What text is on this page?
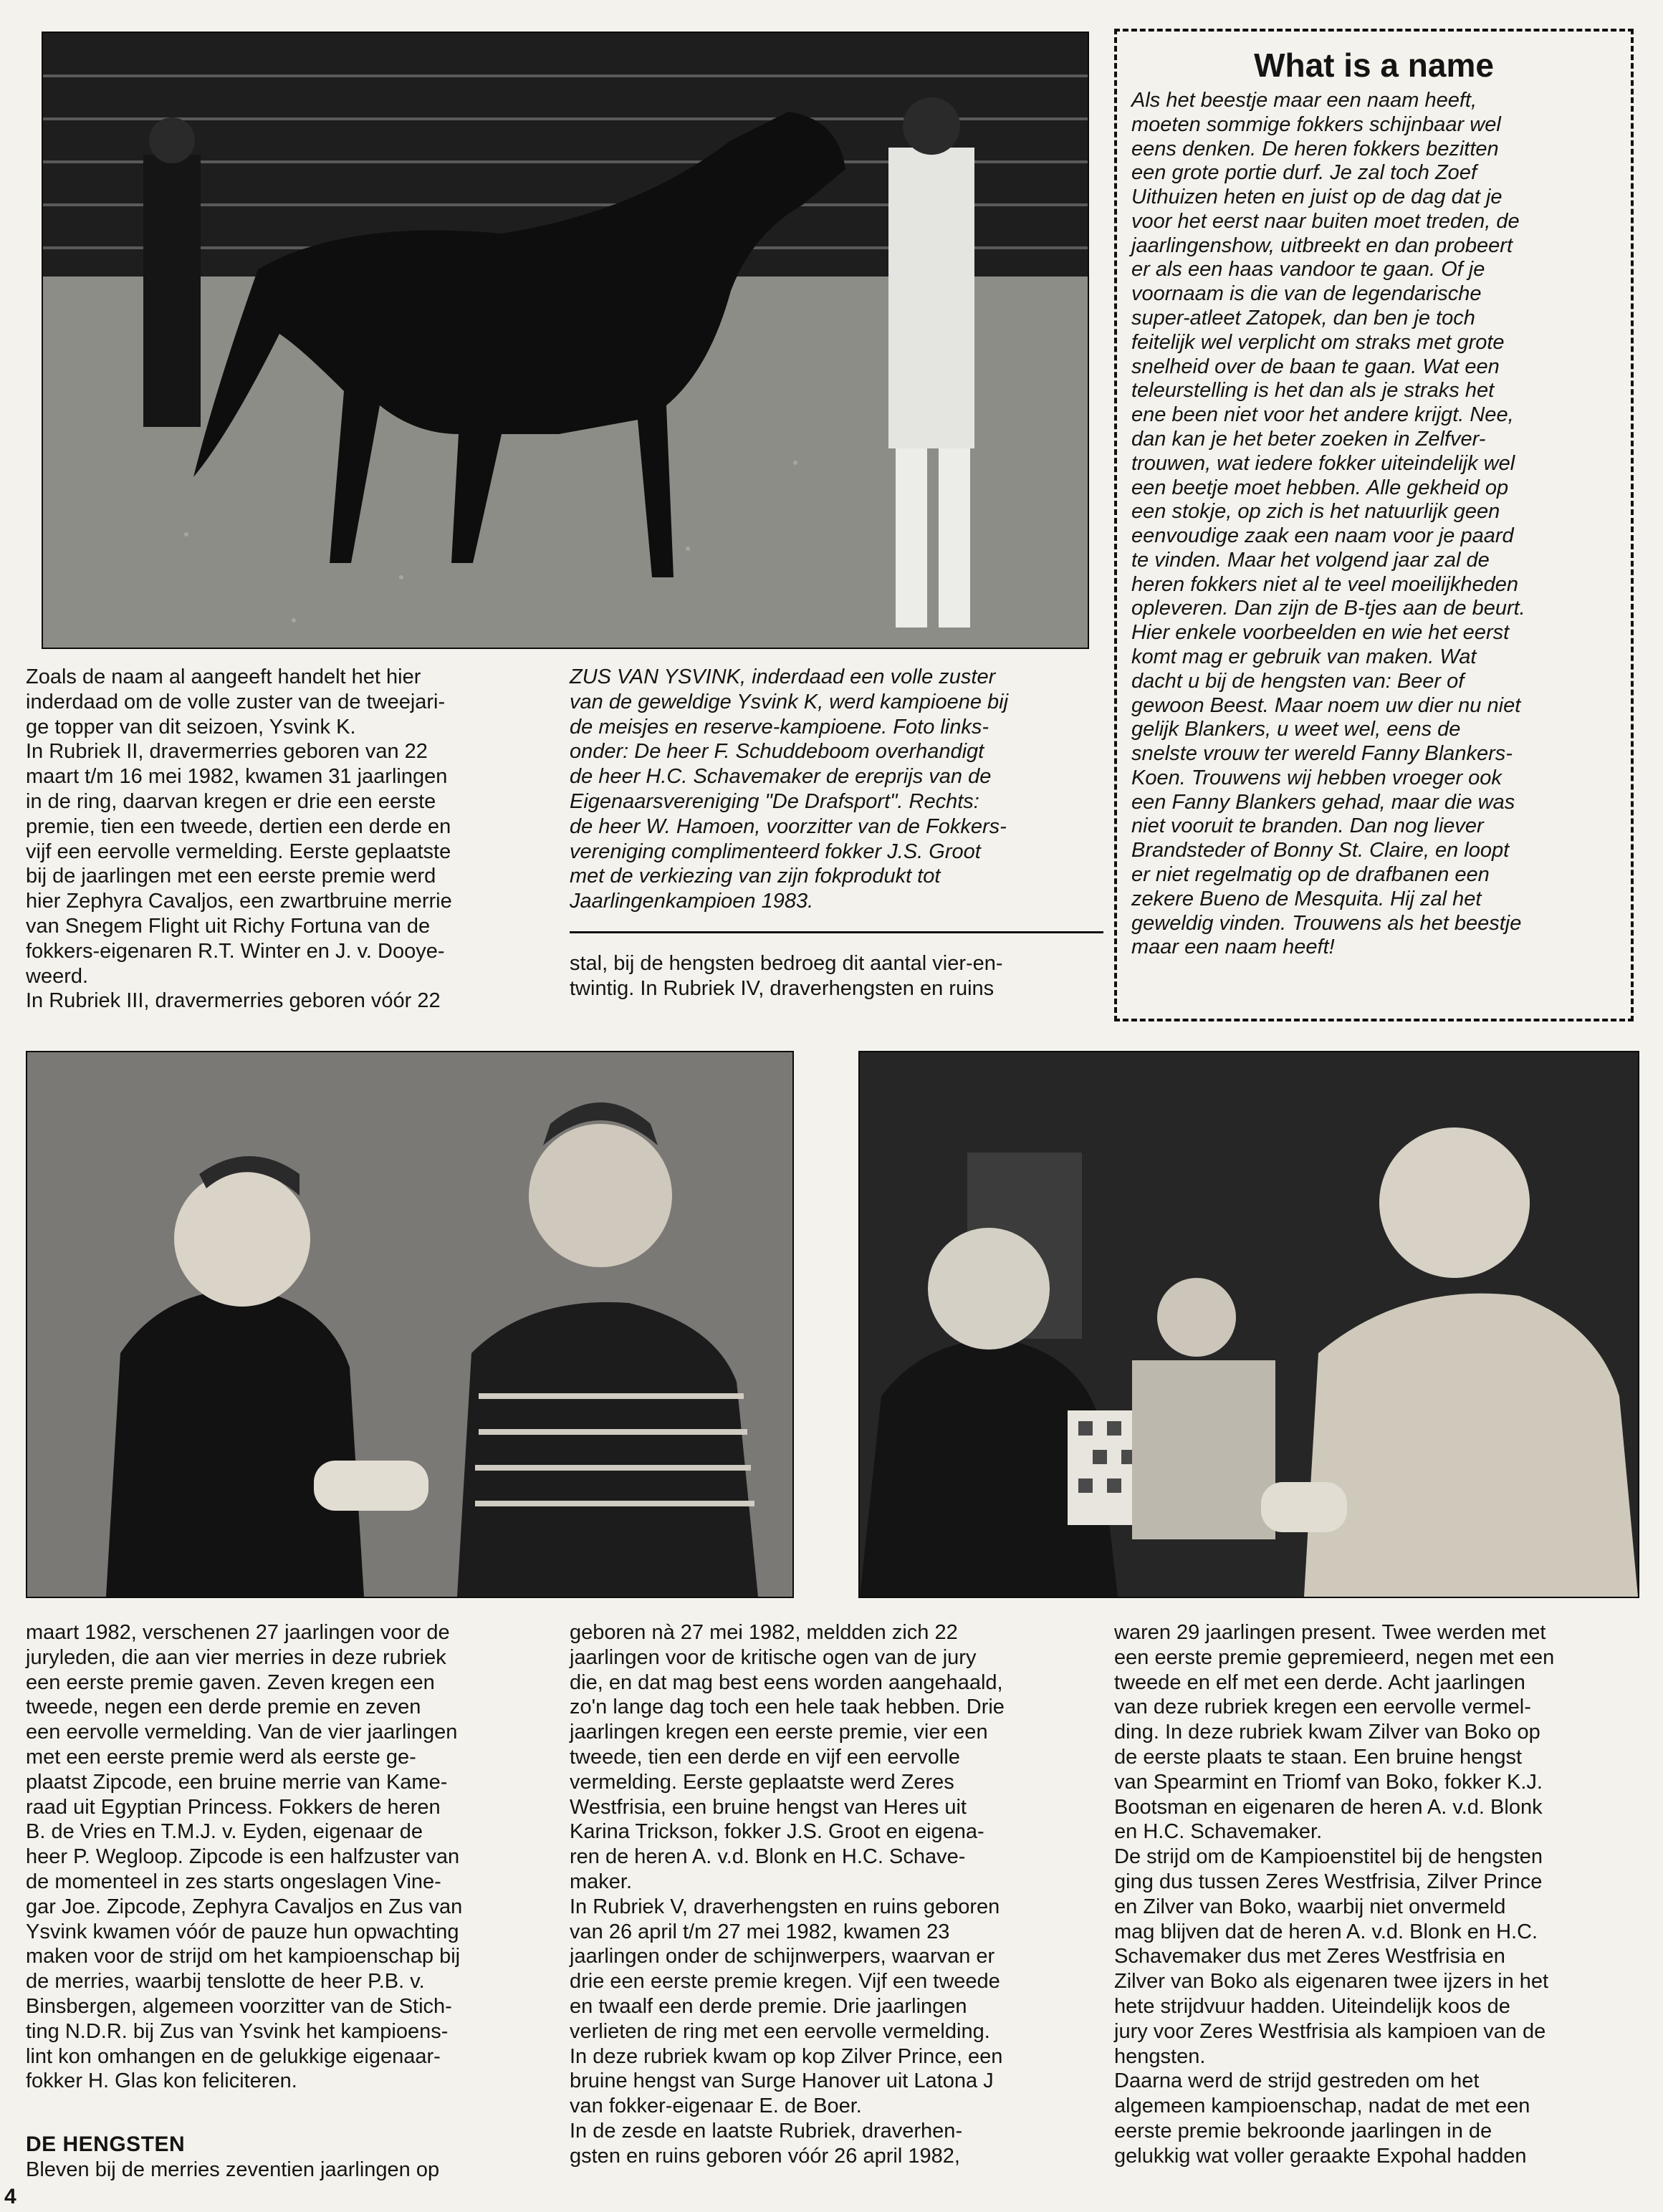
What is a name

Als het beestje maar een naam heeft,
moeten sommige fokkers schijnbaar wel
eens denken. De heren fokkers bezitten
een grote portie durf. Je zal toch Zoef
Uithuizen heten en juist op de dag dat je
voor het eerst naar buiten moet treden, de
jaarlingenshow, uitbreekt en dan probeert
er als een haas vandoor te gaan. Of je
voornaam is die van de legendarische
super-atleet Zatopek, dan ben je toch
feitelijk wel verplicht om straks met grote
snelheid over de baan te gaan. Wat een
teleurstelling is het dan als je straks het
ene been niet voor het andere krijgt. Nee,
dan kan je het beter zoeken in Zelfver-
trouwen, wat iedere fokker uiteindelijk wel
een beetje moet hebben. Alle gekheid op
een stokje, op zich is het natuurlijk geen
eenvoudige zaak een naam voor je paard
te vinden. Maar het volgend jaar zal de
heren fokkers niet al te veel moeilijkheden
opleveren. Dan zijn de B-tjes aan de beurt.
Hier enkele voorbeelden en wie het eerst
komt mag er gebruik van maken. Wat
dacht u bij de hengsten van: Beer of
gewoon Beest. Maar noem uw dier nu niet
gelijk Blankers, u weet wel, eens de
snelste vrouw ter wereld Fanny Blankers-
Koen. Trouwens wij hebben vroeger ook
een Fanny Blankers gehad, maar die was
niet vooruit te branden. Dan nog liever
Brandsteder of Bonny St. Claire, en loopt
er niet regelmatig op de drafbanen een
zekere Bueno de Mesquita. Hij zal het
geweldig vinden. Trouwens als het beestje
maar een naam heeft!

Zoals de naam al aangeeft handelt het hier
inderdaad om de volle zuster van de tweejari-
ge topper van dit seizoen, Ysvink K.
In Rubriek II, dravermerries geboren van 22
maart t/m 16 mei 1982, kwamen 31 jaarlingen
in de ring, daarvan kregen er drie een eerste
premie, tien een tweede, dertien een derde en
vijf een eervolle vermelding. Eerste geplaatste
bij de jaarlingen met een eerste premie werd
hier Zephyra Cavaljos, een zwartbruine merrie
van Snegem Flight uit Richy Fortuna van de
fokkers-eigenaren R.T. Winter en J. v. Dooye-
weerd.
In Rubriek III, dravermerries geboren vóór 22

ZUS VAN YSVINK, inderdaad een volle zuster
van de geweldige Ysvink K, werd kampioene bij
de meisjes en reserve-kampioene. Foto links-
onder: De heer F. Schuddeboom overhandigt
de heer H.C. Schavemaker de ereprijs van de
Eigenaarsvereniging "De Drafsport". Rechts:
de heer W. Hamoen, voorzitter van de Fokkers-
vereniging complimenteerd fokker J.S. Groot
met de verkiezing van zijn fokprodukt tot
Jaarlingenkampioen 1983.

stal, bij de hengsten bedroeg dit aantal vier-en-
twintig. In Rubriek IV, draverhengsten en ruins

maart 1982, verschenen 27 jaarlingen voor de
juryleden, die aan vier merries in deze rubriek
een eerste premie gaven. Zeven kregen een
tweede, negen een derde premie en zeven
een eervolle vermelding. Van de vier jaarlingen
met een eerste premie werd als eerste ge-
plaatst Zipcode, een bruine merrie van Kame-
raad uit Egyptian Princess. Fokkers de heren
B. de Vries en T.M.J. v. Eyden, eigenaar de
heer P. Wegloop. Zipcode is een halfzuster van
de momenteel in zes starts ongeslagen Vine-
gar Joe. Zipcode, Zephyra Cavaljos en Zus van
Ysvink kwamen vóór de pauze hun opwachting
maken voor de strijd om het kampioenschap bij
de merries, waarbij tenslotte de heer P.B. v.
Binsbergen, algemeen voorzitter van de Stich-
ting N.D.R. bij Zus van Ysvink het kampioens-
lint kon omhangen en de gelukkige eigenaar-
fokker H. Glas kon feliciteren.

DE HENGSTEN

Bleven bij de merries zeventien jaarlingen op

geboren nà 27 mei 1982, meldden zich 22
jaarlingen voor de kritische ogen van de jury
die, en dat mag best eens worden aangehaald,
zo'n lange dag toch een hele taak hebben. Drie
jaarlingen kregen een eerste premie, vier een
tweede, tien een derde en vijf een eervolle
vermelding. Eerste geplaatste werd Zeres
Westfrisia, een bruine hengst van Heres uit
Karina Trickson, fokker J.S. Groot en eigena-
ren de heren A. v.d. Blonk en H.C. Schave-
maker.
In Rubriek V, draverhengsten en ruins geboren
van 26 april t/m 27 mei 1982, kwamen 23
jaarlingen onder de schijnwerpers, waarvan er
drie een eerste premie kregen. Vijf een tweede
en twaalf een derde premie. Drie jaarlingen
verlieten de ring met een eervolle vermelding.
In deze rubriek kwam op kop Zilver Prince, een
bruine hengst van Surge Hanover uit Latona J
van fokker-eigenaar E. de Boer.
In de zesde en laatste Rubriek, draverhen-
gsten en ruins geboren vóór 26 april 1982,

waren 29 jaarlingen present. Twee werden met
een eerste premie gepremieerd, negen met een
tweede en elf met een derde. Acht jaarlingen
van deze rubriek kregen een eervolle vermel-
ding. In deze rubriek kwam Zilver van Boko op
de eerste plaats te staan. Een bruine hengst
van Spearmint en Triomf van Boko, fokker K.J.
Bootsman en eigenaren de heren A. v.d. Blonk
en H.C. Schavemaker.
De strijd om de Kampioenstitel bij de hengsten
ging dus tussen Zeres Westfrisia, Zilver Prince
en Zilver van Boko, waarbij niet onvermeld
mag blijven dat de heren A. v.d. Blonk en H.C.
Schavemaker dus met Zeres Westfrisia en
Zilver van Boko als eigenaren twee ijzers in het
hete strijdvuur hadden. Uiteindelijk koos de
jury voor Zeres Westfrisia als kampioen van de
hengsten.
Daarna werd de strijd gestreden om het
algemeen kampioenschap, nadat de met een
eerste premie bekroonde jaarlingen in de
gelukkig wat voller geraakte Expohal hadden

4
